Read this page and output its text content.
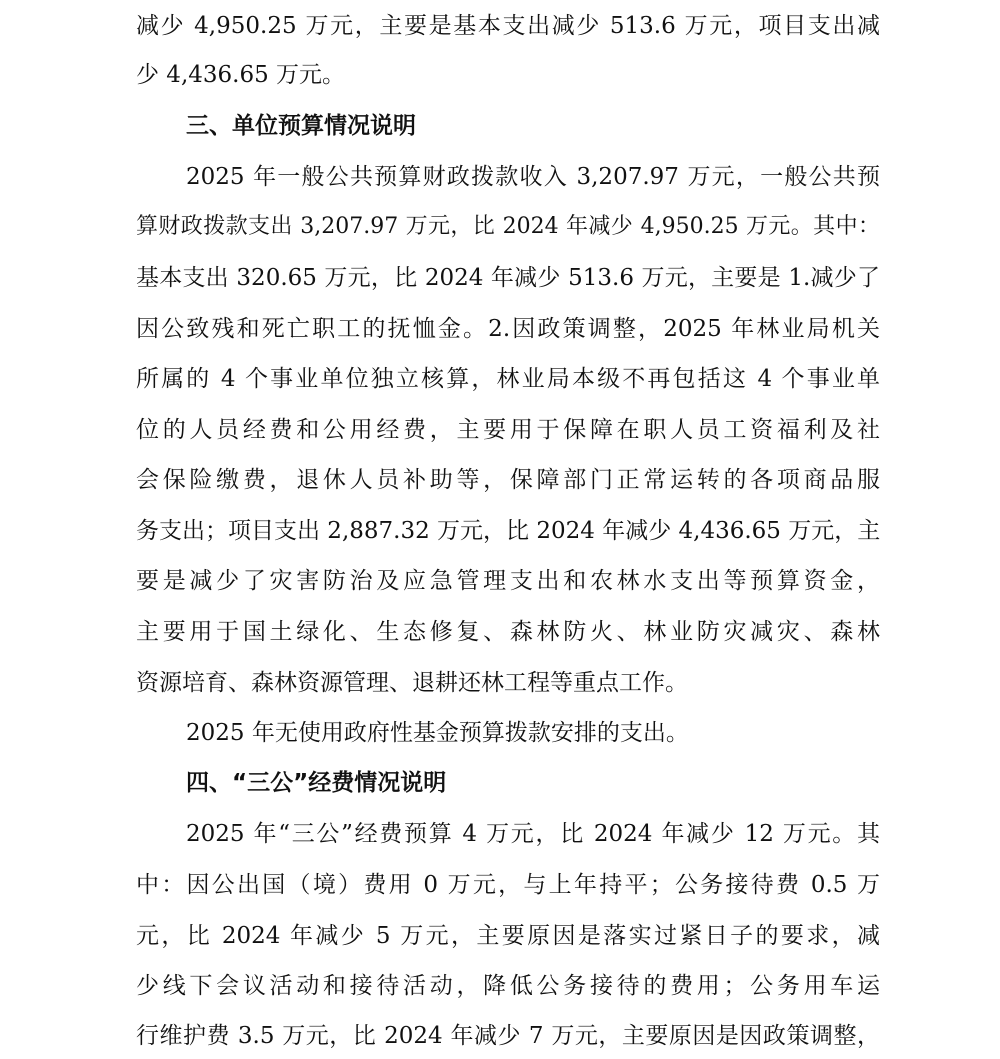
减少 4,950.25 万元，主要是基本支出减少 513.6 万元，项目支出减
少 4,436.65 万元。
三、单位预算情况说明
2025 年一般公共预算财政拨款收入 3,207.97 万元，一般公共预
算财政拨款支出 3,207.97 万元，比 2024 年减少 4,950.25 万元。其中：
基本支出 320.65 万元，比 2024 年减少 513.6 万元，主要是 1.减少了
因公致残和死亡职工的抚恤金。2.因政策调整，2025 年林业局机关
所属的 4 个事业单位独立核算，林业局本级不再包括这 4 个事业单
位的人员经费和公用经费，主要用于保障在职人员工资福利及社
会保险缴费，退休人员补助等，保障部门正常运转的各项商品服
务支出；项目支出 2,887.32 万元，比 2024 年减少 4,436.65 万元，主
要是减少了灾害防治及应急管理支出和农林水支出等预算资金，
主要用于国土绿化、生态修复、森林防火、林业防灾减灾、森林
资源培育、森林资源管理、退耕还林工程等重点工作。
2025 年无使用政府性基金预算拨款安排的支出。
四、“三公”经费情况说明
2025 年“三公”经费预算 4 万元，比 2024 年减少 12 万元。其
中：因公出国（境）费用 0 万元，与上年持平；公务接待费 0.5 万
元，比 2024 年减少 5 万元，主要原因是落实过紧日子的要求，减
少线下会议活动和接待活动，降低公务接待的费用；公务用车运
行维护费 3.5 万元，比 2024 年减少 7 万元，主要原因是因政策调整，
